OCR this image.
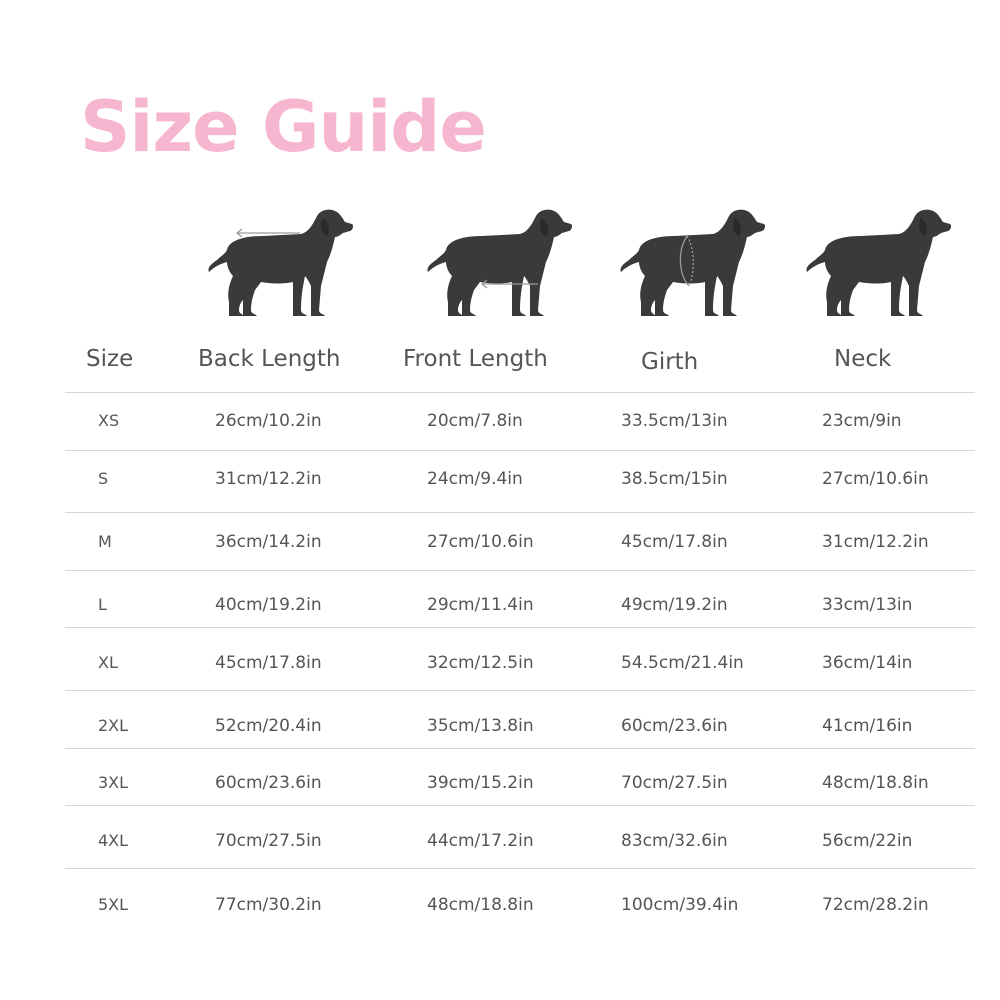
Size Guide
Size	Back Length	Front Length	Girth	Neck
XS	26cm/10.2in	20cm/7.8in	33.5cm/13in	23cm/9in
S	31cm/12.2in	24cm/9.4in	38.5cm/15in	27cm/10.6in
M	36cm/14.2in	27cm/10.6in	45cm/17.8in	31cm/12.2in
L	40cm/19.2in	29cm/11.4in	49cm/19.2in	33cm/13in
XL	45cm/17.8in	32cm/12.5in	54.5cm/21.4in	36cm/14in
2XL	52cm/20.4in	35cm/13.8in	60cm/23.6in	41cm/16in
3XL	60cm/23.6in	39cm/15.2in	70cm/27.5in	48cm/18.8in
4XL	70cm/27.5in	44cm/17.2in	83cm/32.6in	56cm/22in
5XL	77cm/30.2in	48cm/18.8in	100cm/39.4in	72cm/28.2in
